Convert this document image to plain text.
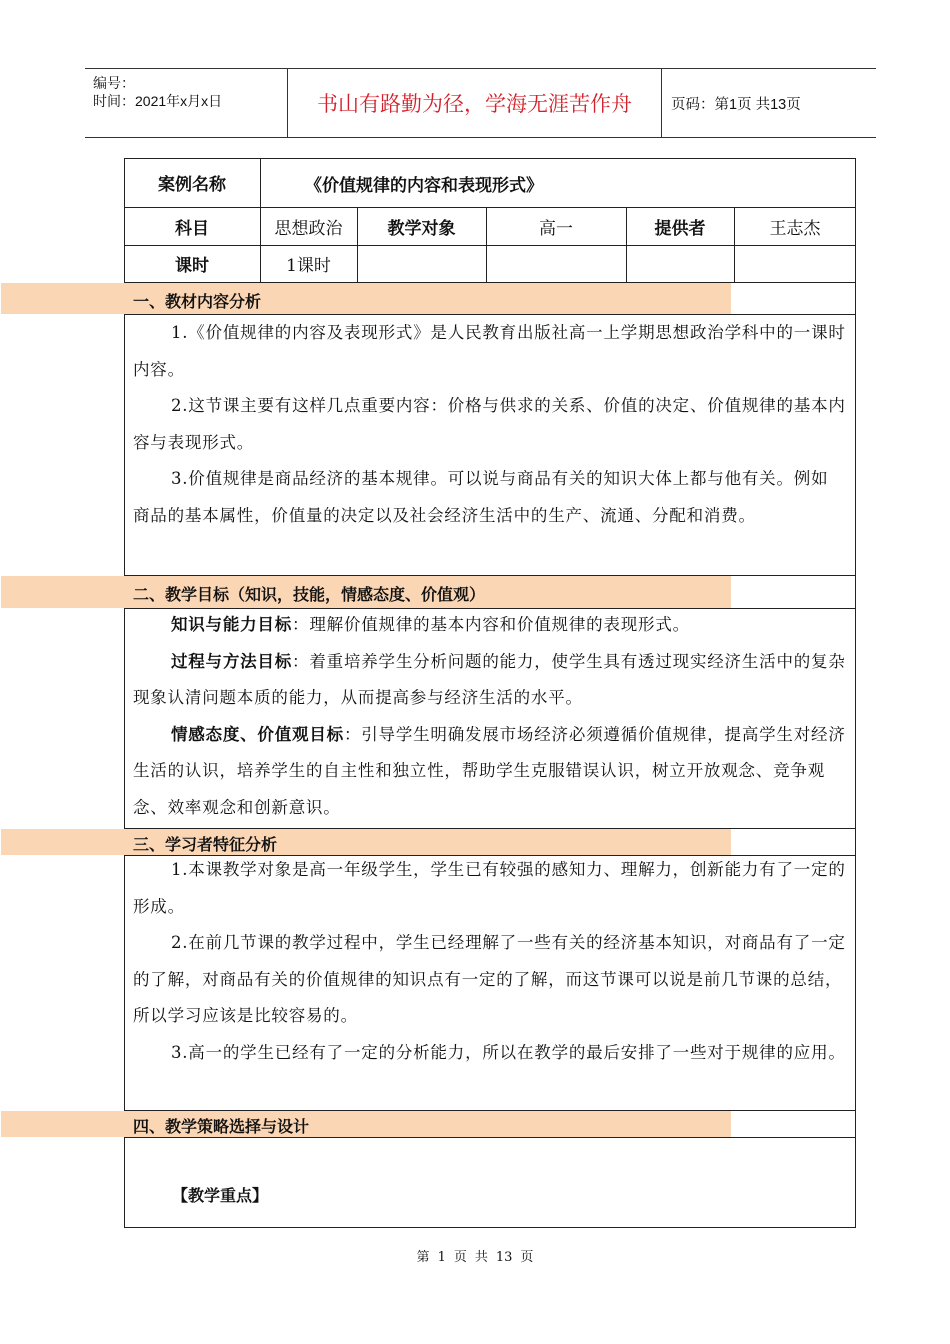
编号：
时间：2021年x月x日	书山有路勤为径，学海无涯苦作舟	页码：第1页 共13页
案例名称	《价值规律的内容和表现形式》
科目	思想政治	教学对象	高一	提供者	王志杰
课时	1课时
一、教材内容分析

1.《价值规律的内容及表现形式》是人民教育出版社高一上学期思想政治学科中的一课时内容。

2.这节课主要有这样几点重要内容：价格与供求的关系、价值的决定、价值规律的基本内容与表现形式。

3.价值规律是商品经济的基本规律。可以说与商品有关的知识大体上都与他有关。例如 商品的基本属性，价值量的决定以及社会经济生活中的生产、流通、分配和消费。

二、教学目标（知识，技能，情感态度、价值观）

知识与能力目标：理解价值规律的基本内容和价值规律的表现形式。

过程与方法目标：着重培养学生分析问题的能力，使学生具有透过现实经济生活中的复杂现象认清问题本质的能力，从而提高参与经济生活的水平。

情感态度、价值观目标：引导学生明确发展市场经济必须遵循价值规律，提高学生对经济生活的认识，培养学生的自主性和独立性，帮助学生克服错误认识，树立开放观念、竞争观念、效率观念和创新意识。

三、学习者特征分析

1.本课教学对象是高一年级学生，学生已有较强的感知力、理解力，创新能力有了一定的形成。

2.在前几节课的教学过程中，学生已经理解了一些有关的经济基本知识，对商品有了一定的了解，对商品有关的价值规律的知识点有一定的了解，而这节课可以说是前几节课的总结，所以学习应该是比较容易的。

3.高一的学生已经有了一定的分析能力，所以在教学的最后安排了一些对于规律的应用。

四、教学策略选择与设计
【教学重点】
第 1 页 共 13 页
